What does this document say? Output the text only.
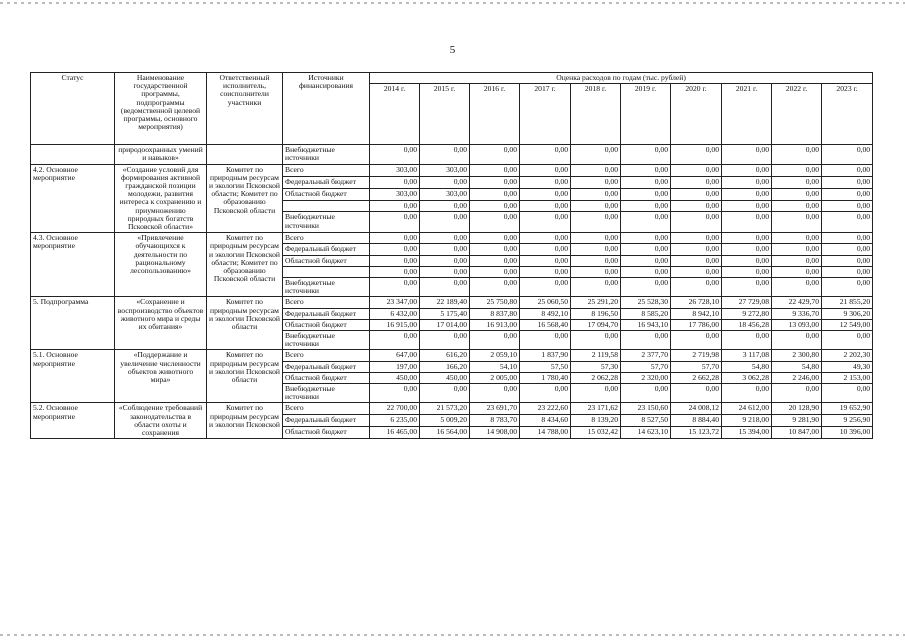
5
Статус	Наименование государственной программы, подпрограммы (ведомственной целевой программы, основного мероприятия)	Ответственный исполнитель, соисполнители участники	Источники финансирования	Оценка расходов по годам (тыс. рублей)									
				2014 г.	2015 г.	2016 г.	2017 г.	2018 г.	2019 г.	2020 г.	2021 г.	2022 г.	2023 г.
	природоохранных умений и навыков»		Внебюджетные источники	0,00	0,00	0,00	0,00	0,00	0,00	0,00	0,00	0,00	0,00
4.2. Основное мероприятие	«Создание условий для формирования активной гражданской позиции молодежи, развития интереса к сохранению и приумножению природных богатств Псковской области»	Комитет по природным ресурсам и экологии Псковской области; Комитет по образованию Псковской области	Всего	303,00	303,00	0,00	0,00	0,00	0,00	0,00	0,00	0,00	0,00
			Федеральный бюджет	0,00	0,00	0,00	0,00	0,00	0,00	0,00	0,00	0,00	0,00
			Областной бюджет	303,00	303,00	0,00	0,00	0,00	0,00	0,00	0,00	0,00	0,00
				0,00	0,00	0,00	0,00	0,00	0,00	0,00	0,00	0,00	0,00
			Внебюджетные источники	0,00	0,00	0,00	0,00	0,00	0,00	0,00	0,00	0,00	0,00
4.3. Основное мероприятие	«Привлечение обучающихся к деятельности по рациональному лесопользованию»	Комитет по природным ресурсам и экологии Псковской области; Комитет по образованию Псковской области	Всего	0,00	0,00	0,00	0,00	0,00	0,00	0,00	0,00	0,00	0,00
			Федеральный бюджет	0,00	0,00	0,00	0,00	0,00	0,00	0,00	0,00	0,00	0,00
			Областной бюджет	0,00	0,00	0,00	0,00	0,00	0,00	0,00	0,00	0,00	0,00
				0,00	0,00	0,00	0,00	0,00	0,00	0,00	0,00	0,00	0,00
			Внебюджетные источники	0,00	0,00	0,00	0,00	0,00	0,00	0,00	0,00	0,00	0,00
5. Подпрограмма	«Сохранение и воспроизводство объектов животного мира и среды их обитания»	Комитет по природным ресурсам и экологии Псковской области	Всего	23 347,00	22 189,40	25 750,80	25 060,50	25 291,20	25 528,30	26 728,10	27 729,08	22 429,70	21 855,20
			Федеральный бюджет	6 432,00	5 175,40	8 837,80	8 492,10	8 196,50	8 585,20	8 942,10	9 272,80	9 336,70	9 306,20
			Областной бюджет	16 915,00	17 014,00	16 913,00	16 568,40	17 094,70	16 943,10	17 786,00	18 456,28	13 093,00	12 549,00
			Внебюджетные источники	0,00	0,00	0,00	0,00	0,00	0,00	0,00	0,00	0,00	0,00
5.1. Основное мероприятие	«Поддержание и увеличение численности объектов животного мира»	Комитет по природным ресурсам и экологии Псковской области	Всего	647,00	616,20	2 059,10	1 837,90	2 119,58	2 377,70	2 719,98	3 117,08	2 300,80	2 202,30
			Федеральный бюджет	197,00	166,20	54,10	57,50	57,30	57,70	57,70	54,80	54,80	49,30
			Областной бюджет	450,00	450,00	2 005,00	1 780,40	2 062,28	2 320,00	2 662,28	3 062,28	2 246,00	2 153,00
			Внебюджетные источники	0,00	0,00	0,00	0,00	0,00	0,00	0,00	0,00	0,00	0,00
5.2. Основное мероприятие	«Соблюдение требований законодательства в области охоты и сохранения	Комитет по природным ресурсам и экологии Псковской	Всего	22 700,00	21 573,20	23 691,70	23 222,60	23 171,62	23 150,60	24 008,12	24 612,00	20 128,90	19 652,90
			Федеральный бюджет	6 235,00	5 009,20	8 783,70	8 434,60	8 139,20	8 527,50	8 884,40	9 218,00	9 281,90	9 256,90
			Областной бюджет	16 465,00	16 564,00	14 908,00	14 788,00	15 032,42	14 623,10	15 123,72	15 394,00	10 847,00	10 396,00
